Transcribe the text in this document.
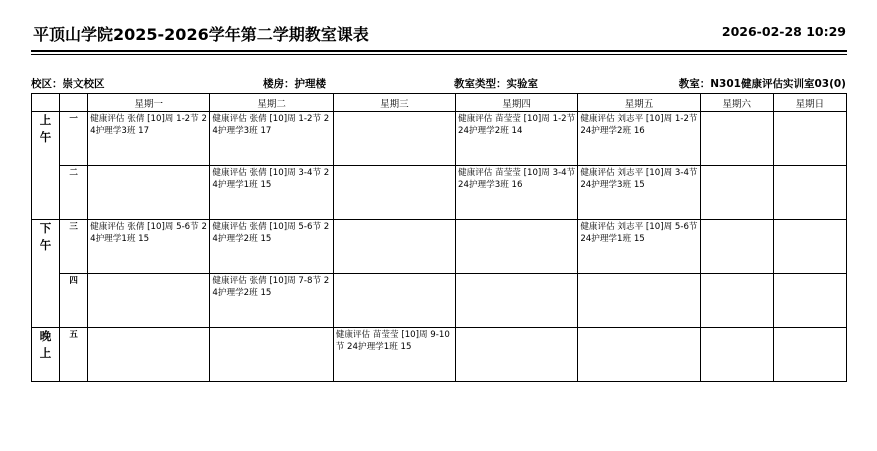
平顶山学院2025-2026学年第二学期教室课表	2026-02-28 10:29
校区：崇文校区	楼房：护理楼	教室类型：实验室	教室：N301健康评估实训室03(0)
		星期一	星期二	星期三	星期四	星期五	星期六	星期日

上
午	一	健康评估 张倩 [10]周 1-2节 24护理学3班 17	健康评估 张倩 [10]周 1-2节 24护理学3班 17		健康评估 苗莹莹 [10]周 1-2节 24护理学2班 14	健康评估 刘志平 [10]周 1-2节 24护理学2班 16		

	二		健康评估 张倩 [10]周 3-4节 24护理学1班 15		健康评估 苗莹莹 [10]周 3-4节 24护理学3班 16	健康评估 刘志平 [10]周 3-4节 24护理学3班 15		

下
午	三	健康评估 张倩 [10]周 5-6节 24护理学1班 15	健康评估 张倩 [10]周 5-6节 24护理学2班 15			健康评估 刘志平 [10]周 5-6节 24护理学1班 15		

	四		健康评估 张倩 [10]周 7-8节 24护理学2班 15					

晚
上	五			健康评估 苗莹莹 [10]周 9-10节 24护理学1班 15				
